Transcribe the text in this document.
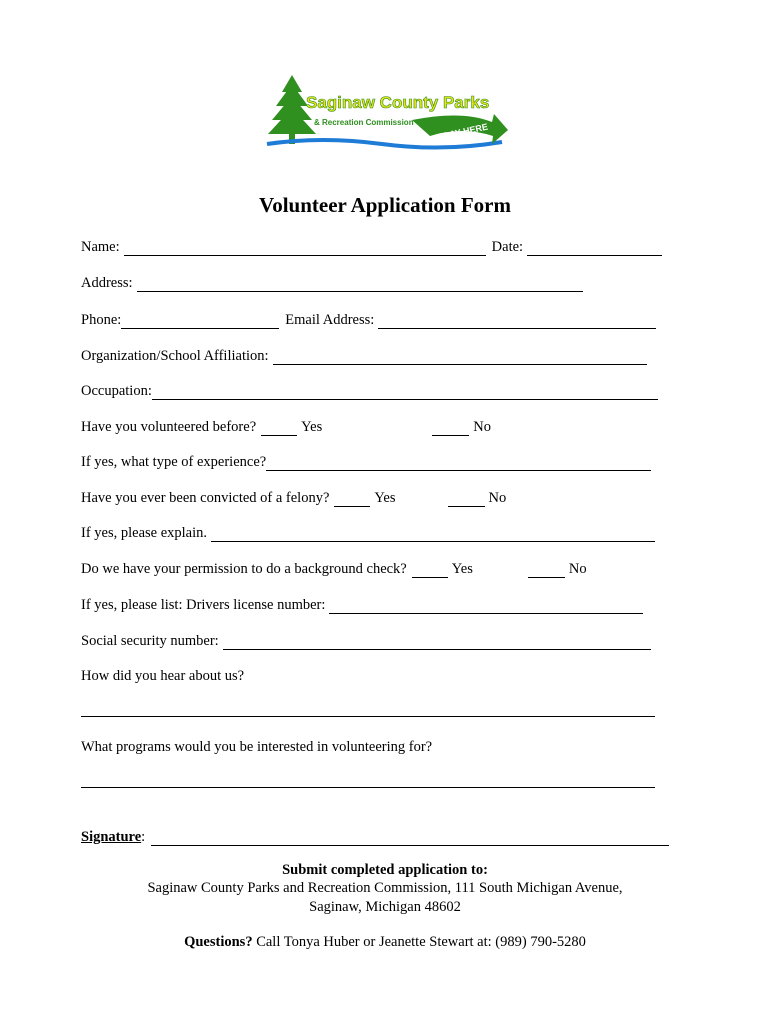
Saginaw County Parks
& Recreation Commission	PLAY HERE
Volunteer Application Form
Name:	Date:
Address:
Phone:	Email Address:
Organization/School Affiliation:
Occupation:
Have you volunteered before?	Yes	No
If yes, what type of experience?
Have you ever been convicted of a felony?	Yes	No
If yes, please explain.
Do we have your permission to do a background check?	Yes	No
If yes, please list: Drivers license number:
Social security number:
How did you hear about us?
What programs would you be interested in volunteering for?
Signature :
Submit completed application to:
Saginaw County Parks and Recreation Commission, 111 South Michigan Avenue,
Saginaw, Michigan 48602
Questions? Call Tonya Huber or Jeanette Stewart at: (989) 790-5280
